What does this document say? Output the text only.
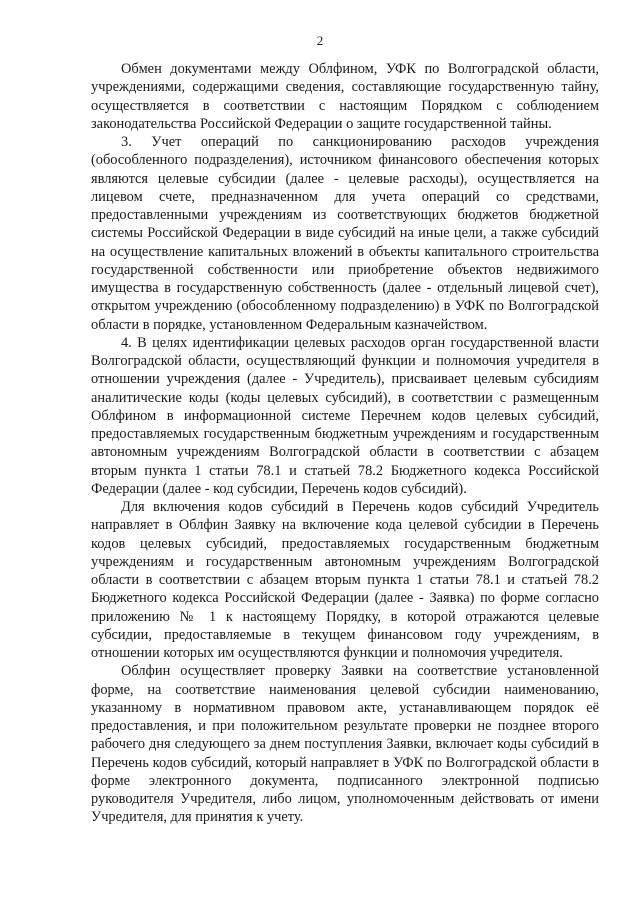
2

Обмен документами между Облфином, УФК по Волгоградской области, учреждениями, содержащими сведения, составляющие государственную тайну, осуществляется в соответствии с настоящим Порядком с соблюдением законодательства Российской Федерации о защите государственной тайны.

3. Учет операций по санкционированию расходов учреждения (обособленного подразделения), источником финансового обеспечения которых являются целевые субсидии (далее - целевые расходы), осуществляется на лицевом счете, предназначенном для учета операций со средствами, предоставленными учреждениям из соответствующих бюджетов бюджетной системы Российской Федерации в виде субсидий на иные цели, а также субсидий на осуществление капитальных вложений в объекты капитального строительства государственной собственности или приобретение объектов недвижимого имущества в государственную собственность (далее - отдельный лицевой счет), открытом учреждению (обособленному подразделению) в УФК по Волгоградской области в порядке, установленном Федеральным казначейством.

4. В целях идентификации целевых расходов орган государственной власти Волгоградской области, осуществляющий функции и полномочия учредителя в отношении учреждения (далее - Учредитель), присваивает целевым субсидиям аналитические коды (коды целевых субсидий), в соответствии с размещенным Облфином в информационной системе Перечнем кодов целевых субсидий, предоставляемых государственным бюджетным учреждениям и государственным автономным учреждениям Волгоградской области в соответствии с абзацем вторым пункта 1 статьи 78.1 и статьей 78.2 Бюджетного кодекса Российской Федерации (далее - код субсидии, Перечень кодов субсидий).

Для включения кодов субсидий в Перечень кодов субсидий Учредитель направляет в Облфин Заявку на включение кода целевой субсидии в Перечень кодов целевых субсидий, предоставляемых государственным бюджетным учреждениям и государственным автономным учреждениям Волгоградской области в соответствии с абзацем вторым пункта 1 статьи 78.1 и статьей 78.2 Бюджетного кодекса Российской Федерации (далее - Заявка) по форме согласно приложению № 1 к настоящему Порядку, в которой отражаются целевые субсидии, предоставляемые в текущем финансовом году учреждениям, в отношении которых им осуществляются функции и полномочия учредителя.

Облфин осуществляет проверку Заявки на соответствие установленной форме, на соответствие наименования целевой субсидии наименованию, указанному в нормативном правовом акте, устанавливающем порядок её предоставления, и при положительном результате проверки не позднее второго рабочего дня следующего за днем поступления Заявки, включает коды субсидий в Перечень кодов субсидий, который направляет в УФК по Волгоградской области в форме электронного документа, подписанного электронной подписью руководителя Учредителя, либо лицом, уполномоченным действовать от имени Учредителя, для принятия к учету.
